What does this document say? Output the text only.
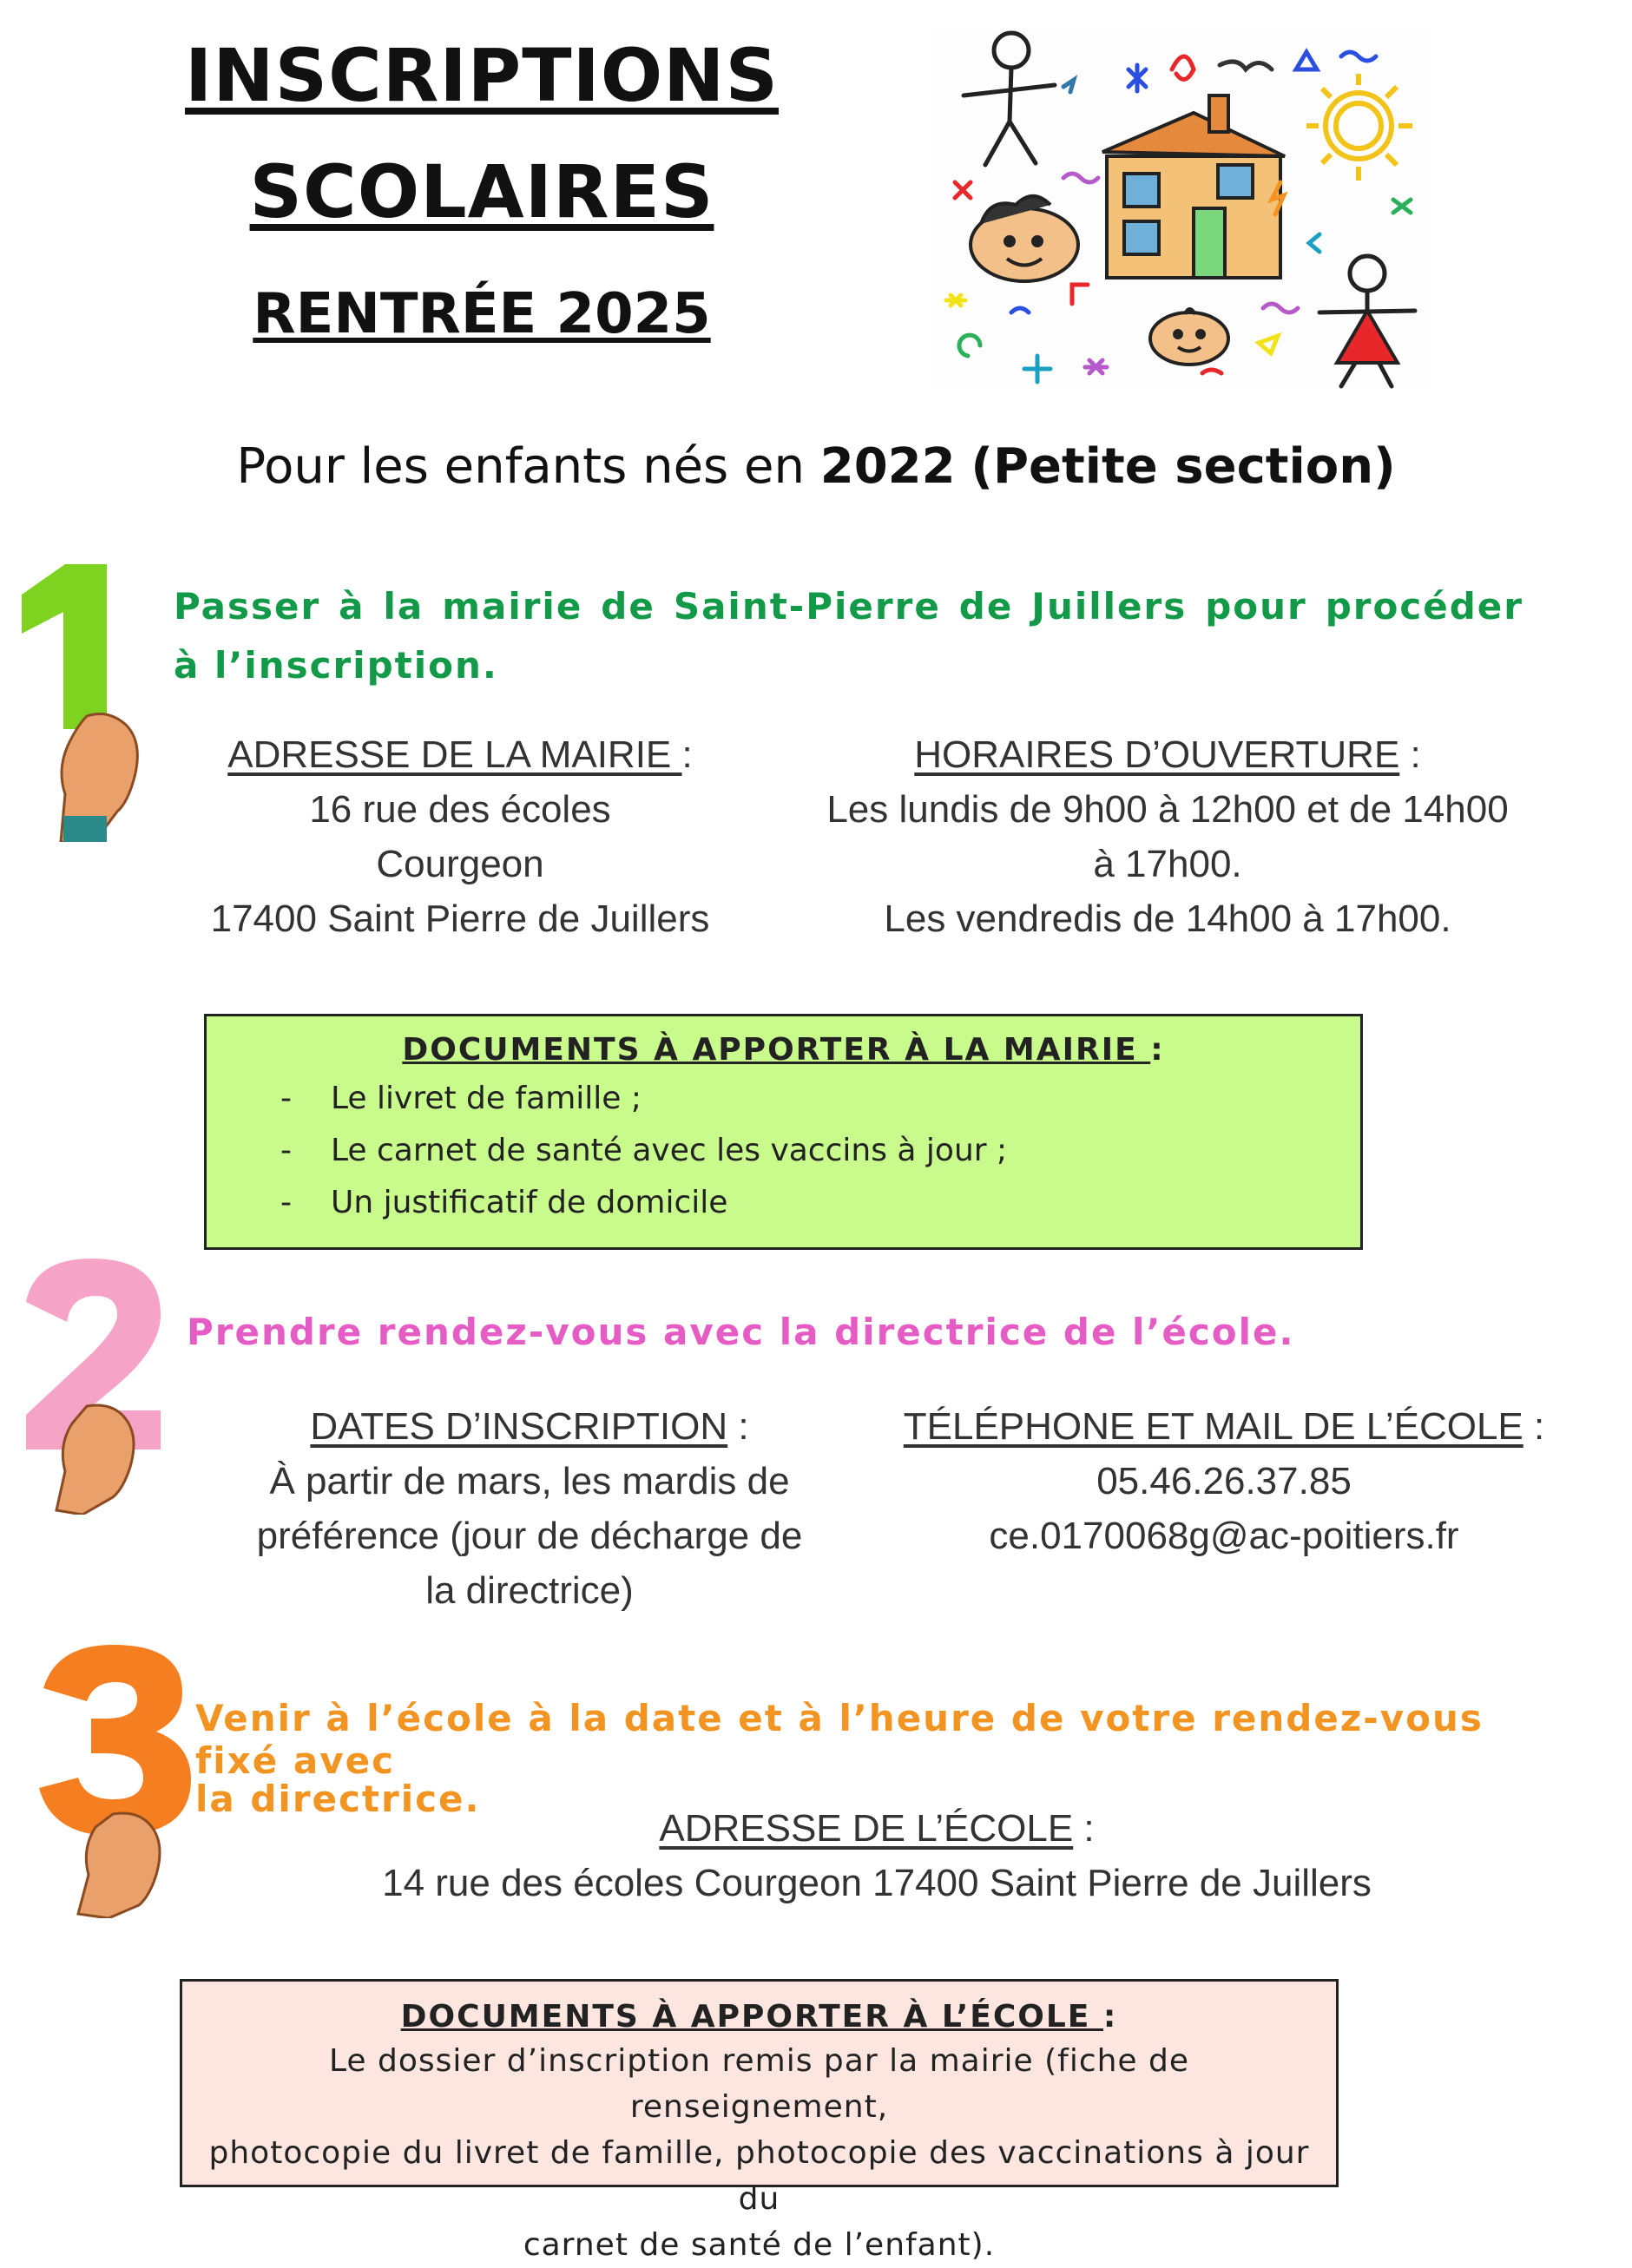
INSCRIPTIONS
SCOLAIRES
RENTRÉE 2025
Pour les enfants nés en 2022 (Petite section)
Passer à la mairie de Saint-Pierre de Juillers pour procéder à l’inscription.
ADRESSE DE LA MAIRIE :
16 rue des écoles
Courgeon
17400 Saint Pierre de Juillers
HORAIRES D’OUVERTURE :
Les lundis de 9h00 à 12h00 et de 14h00
à 17h00.
Les vendredis de 14h00 à 17h00.
DOCUMENTS À APPORTER À LA MAIRIE :
- Le livret de famille ;
- Le carnet de santé avec les vaccins à jour ;
- Un justificatif de domicile
Prendre rendez-vous avec la directrice de l’école.
DATES D’INSCRIPTION :
À partir de mars, les mardis de
préférence (jour de décharge de
la directrice)
TÉLÉPHONE ET MAIL DE L’ÉCOLE :
05.46.26.37.85
ce.0170068g@ac-poitiers.fr
Venir à l’école à la date et à l’heure de votre rendez-vous fixé avec
la directrice.
ADRESSE DE L’ÉCOLE :
14 rue des écoles Courgeon 17400 Saint Pierre de Juillers
DOCUMENTS À APPORTER À L’ÉCOLE :
Le dossier d’inscription remis par la mairie (fiche de renseignement,
photocopie du livret de famille, photocopie des vaccinations à jour du
carnet de santé de l’enfant).
